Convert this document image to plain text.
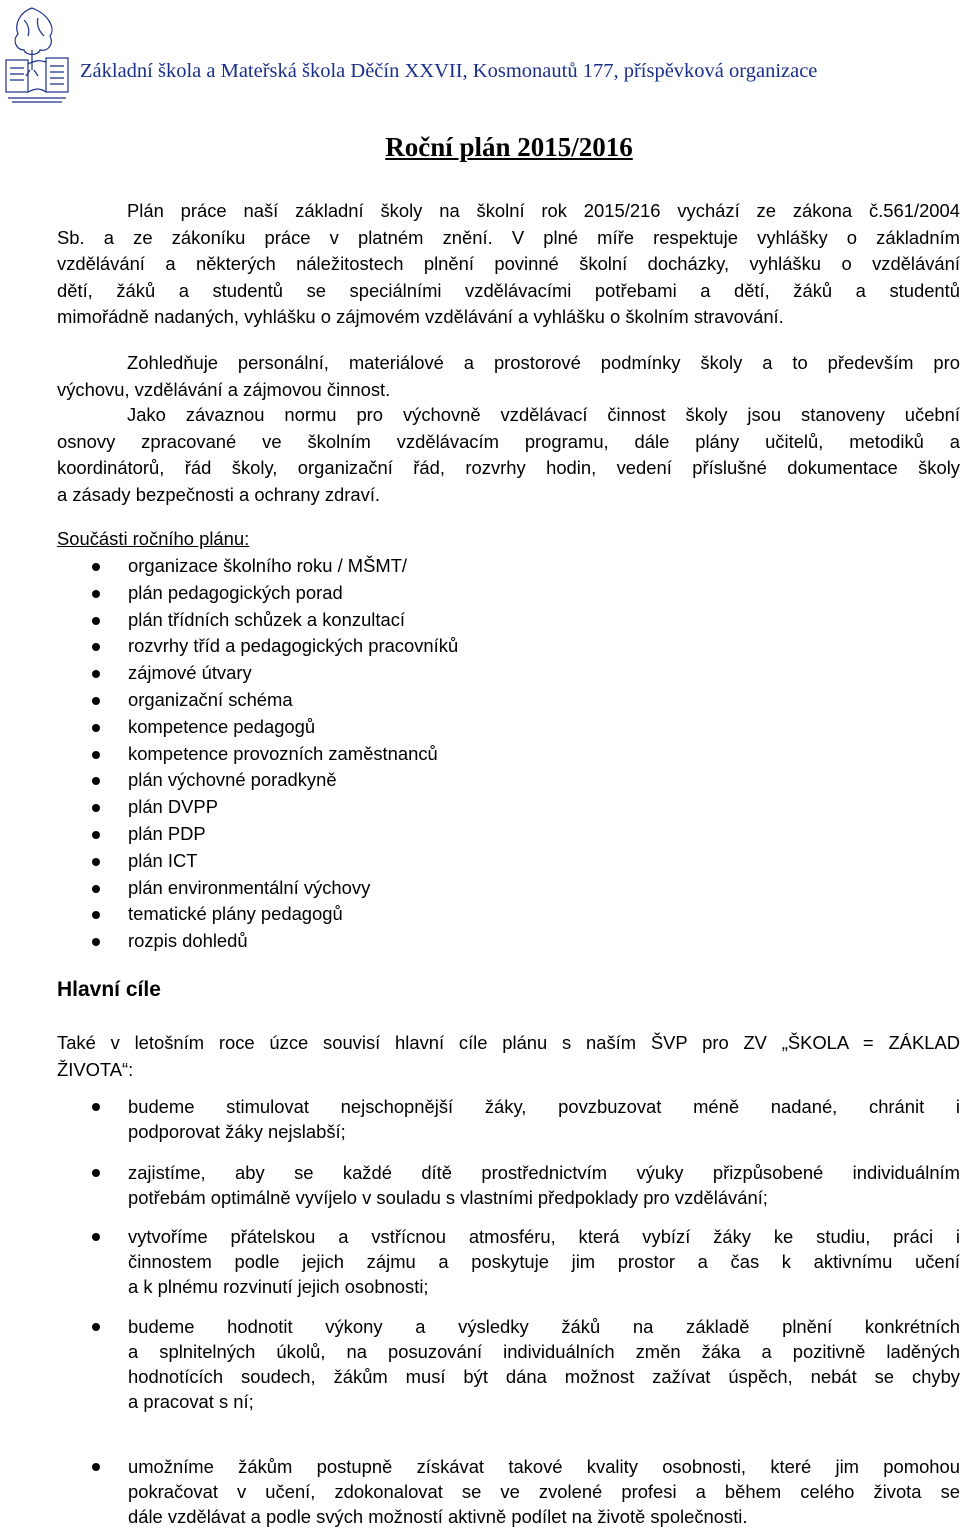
Základní škola a Mateřská škola Děčín XXVII, Kosmonautů 177, příspěvková organizace
Roční plán 2015/2016

Plán práce naší základní školy na školní rok 2015/216 vychází ze zákona č.561/2004

Sb. a ze zákoníku práce v platném znění. V plné míře respektuje vyhlášky o základním

vzdělávání a některých náležitostech plnění povinné školní docházky, vyhlášku o vzdělávání

dětí, žáků a studentů se speciálními vzdělávacími potřebami a dětí, žáků a studentů

mimořádně nadaných, vyhlášku o zájmovém vzdělávání a vyhlášku o školním stravování.

Zohledňuje personální, materiálové a prostorové podmínky školy a to především pro

výchovu, vzdělávání a zájmovou činnost.

Jako závaznou normu pro výchovně vzdělávací činnost školy jsou stanoveny učební

osnovy zpracované ve školním vzdělávacím programu, dále plány učitelů, metodiků a

koordinátorů, řád školy, organizační řád, rozvrhy hodin, vedení příslušné dokumentace školy

a zásady bezpečnosti a ochrany zdraví.

Součásti ročního plánu:

organizace školního roku / MŠMT/
plán pedagogických porad
plán třídních schůzek a konzultací
rozvrhy tříd a pedagogických pracovníků
zájmové útvary
organizační schéma
kompetence pedagogů
kompetence provozních zaměstnanců
plán výchovné poradkyně
plán DVPP
plán PDP
plán ICT
plán environmentální výchovy
tematické plány pedagogů
rozpis dohledů

Hlavní cíle

Také v letošním roce úzce souvisí hlavní cíle plánu s naším ŠVP pro ZV „ŠKOLA = ZÁKLAD

ŽIVOTA“:

budeme stimulovat nejschopnější žáky, povzbuzovat méně nadané, chránit i
podporovat žáky nejslabší;
zajistíme, aby se každé dítě prostřednictvím výuky přizpůsobené individuálním
potřebám optimálně vyvíjelo v souladu s vlastními předpoklady pro vzdělávání;
vytvoříme přátelskou a vstřícnou atmosféru, která vybízí žáky ke studiu, práci i
činnostem podle jejich zájmu a poskytuje jim prostor a čas k aktivnímu učení
a k plnému rozvinutí jejich osobnosti;
budeme hodnotit výkony a výsledky žáků na základě plnění konkrétních
a splnitelných úkolů, na posuzování individuálních změn žáka a pozitivně laděných
hodnotících soudech, žákům musí být dána možnost zažívat úspěch, nebát se chyby
a pracovat s ní;
umožníme žákům postupně získávat takové kvality osobnosti, které jim pomohou
pokračovat v učení, zdokonalovat se ve zvolené profesi a během celého života se
dále vzdělávat a podle svých možností aktivně podílet na životě společnosti.
